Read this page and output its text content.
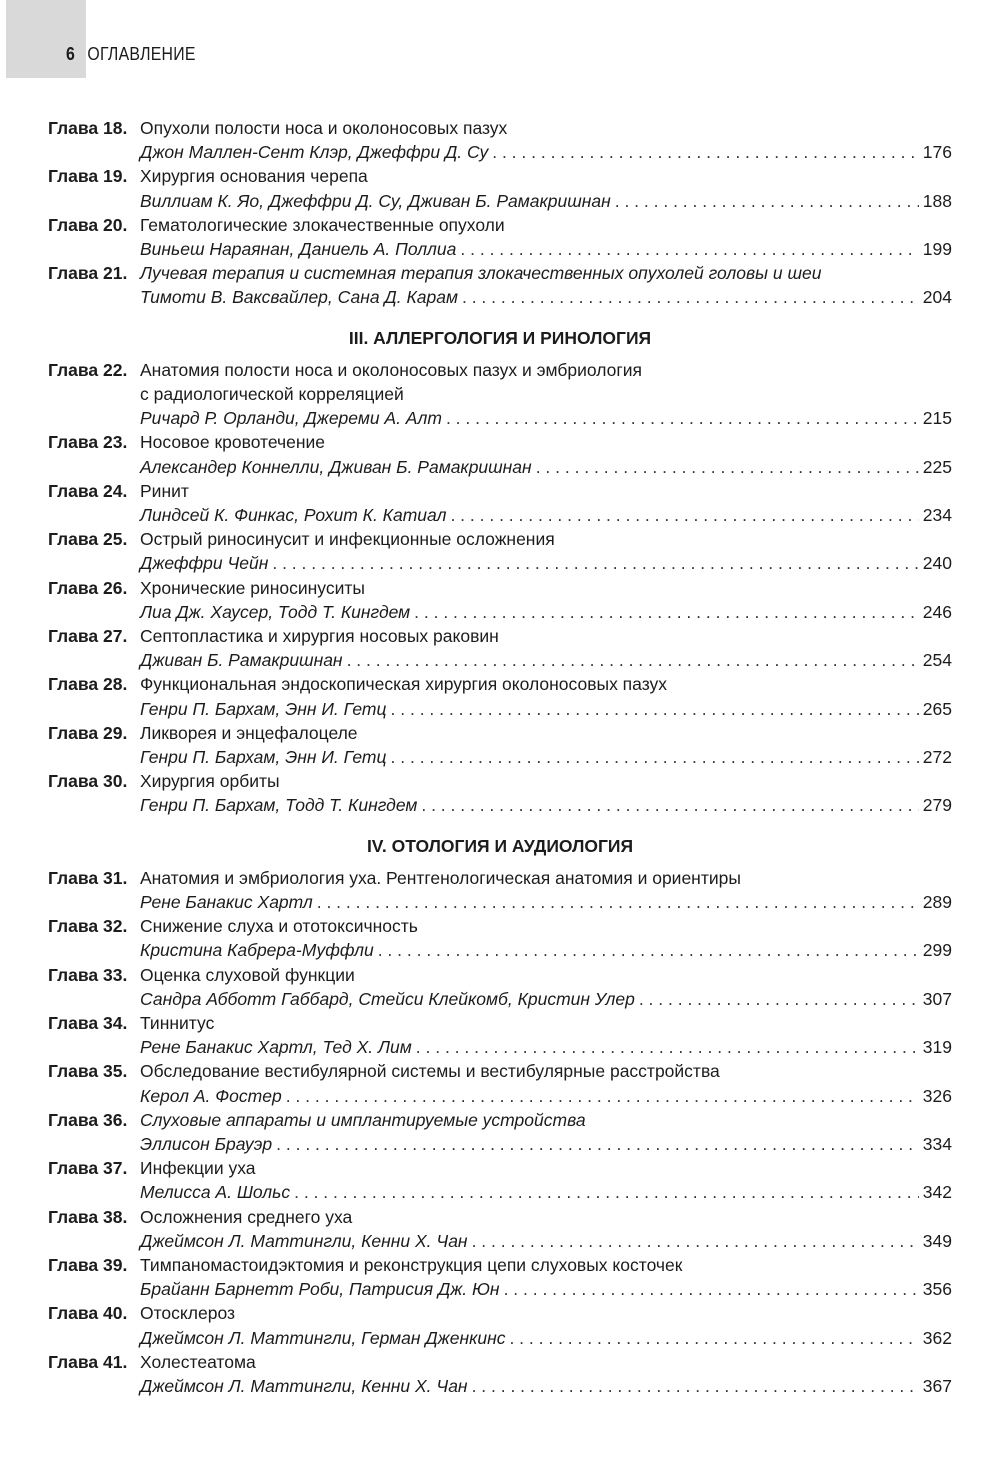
6 ОГЛАВЛЕНИЕ
Глава 18. Опухоли полости носа и околоносовых пазух
Джон Маллен-Сент Клэр, Джеффри Д. Су . . .	176
Глава 19. Хирургия основания черепа
Виллиам К. Яо, Джеффри Д. Су, Дживан Б. Рамакришнан . . .	188
Глава 20. Гематологические злокачественные опухоли
Виньеш Нараянан, Даниель А. Поллиа . . .	199
Глава 21. Лучевая терапия и системная терапия злокачественных опухолей головы и шеи
Тимоти В. Ваксвайлер, Сана Д. Карам . . .	204
III. АЛЛЕРГОЛОГИЯ И РИНОЛОГИЯ
Глава 22. Анатомия полости носа и околоносовых пазух и эмбриология
с радиологической корреляцией
Ричард Р. Орланди, Джереми А. Алт . . .	215
Глава 23. Носовое кровотечение
Александер Коннелли, Дживан Б. Рамакришнан . . .	225
Глава 24. Ринит
Линдсей К. Финкас, Рохит К. Катиал . . .	234
Глава 25. Острый риносинусит и инфекционные осложнения
Джеффри Чейн . . .	240
Глава 26. Хронические риносинуситы
Лиа Дж. Хаусер, Тодд Т. Кингдем . . .	246
Глава 27. Септопластика и хирургия носовых раковин
Дживан Б. Рамакришнан . . .	254
Глава 28. Функциональная эндоскопическая хирургия околоносовых пазух
Генри П. Бархам, Энн И. Гетц . . .	265
Глава 29. Ликворея и энцефалоцеле
Генри П. Бархам, Энн И. Гетц . . .	272
Глава 30. Хирургия орбиты
Генри П. Бархам, Тодд Т. Кингдем . . .	279
IV. ОТОЛОГИЯ И АУДИОЛОГИЯ
Глава 31. Анатомия и эмбриология уха. Рентгенологическая анатомия и ориентиры
Рене Банакис Хартл . . .	289
Глава 32. Снижение слуха и ототоксичность
Кристина Кабрера-Муффли . . .	299
Глава 33. Оценка слуховой функции
Сандра Абботт Габбард, Стейси Клейкомб, Кристин Улер . . .	307
Глава 34. Тиннитус
Рене Банакис Хартл, Тед Х. Лим . . .	319
Глава 35. Обследование вестибулярной системы и вестибулярные расстройства
Керол А. Фостер . . .	326
Глава 36. Слуховые аппараты и имплантируемые устройства
Эллисон Брауэр . . .	334
Глава 37. Инфекции уха
Мелисса А. Шольс . . .	342
Глава 38. Осложнения среднего уха
Джеймсон Л. Маттингли, Кенни Х. Чан . . .	349
Глава 39. Тимпаномастоидэктомия и реконструкция цепи слуховых косточек
Брайанн Барнетт Роби, Патрисия Дж. Юн . . .	356
Глава 40. Отосклероз
Джеймсон Л. Маттингли, Герман Дженкинс . . .	362
Глава 41. Холестеатома
Джеймсон Л. Маттингли, Кенни Х. Чан . . .	367
